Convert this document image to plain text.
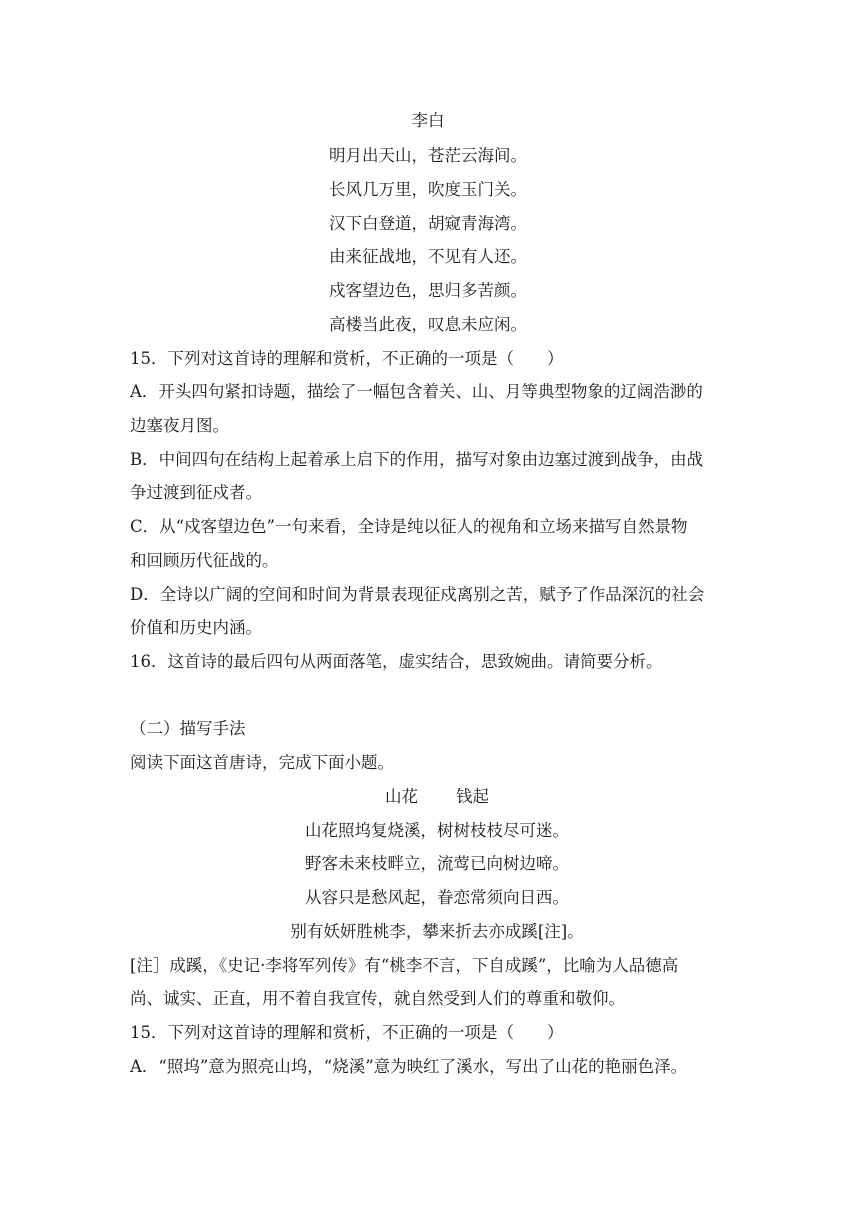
李白
明月出天山，苍茫云海间。
长风几万里，吹度玉门关。
汉下白登道，胡窥青海湾。
由来征战地，不见有人还。
戍客望边色，思归多苦颜。
高楼当此夜，叹息未应闲。
15．下列对这首诗的理解和赏析，不正确的一项是（　　）
A．开头四句紧扣诗题，描绘了一幅包含着关、山、月等典型物象的辽阔浩渺的
边塞夜月图。
B．中间四句在结构上起着承上启下的作用，描写对象由边塞过渡到战争，由战
争过渡到征戍者。
C．从“戍客望边色”一句来看，全诗是纯以征人的视角和立场来描写自然景物
和回顾历代征战的。
D．全诗以广阔的空间和时间为背景表现征戍离别之苦，赋予了作品深沉的社会
价值和历史内涵。
16．这首诗的最后四句从两面落笔，虚实结合，思致婉曲。请简要分析。
（二）描写手法
阅读下面这首唐诗，完成下面小题。
山花 钱起
山花照坞复烧溪，树树枝枝尽可迷。
野客未来枝畔立，流莺已向树边啼。
从容只是愁风起，眷恋常须向日西。
别有妖妍胜桃李，攀来折去亦成蹊[注]。
[注］成蹊，《史记·李将军列传》有“桃李不言，下自成蹊”，比喻为人品德高
尚、诚实、正直，用不着自我宣传，就自然受到人们的尊重和敬仰。
15．下列对这首诗的理解和赏析，不正确的一项是（　　）
A．“照坞”意为照亮山坞，“烧溪”意为映红了溪水，写出了山花的艳丽色泽。
